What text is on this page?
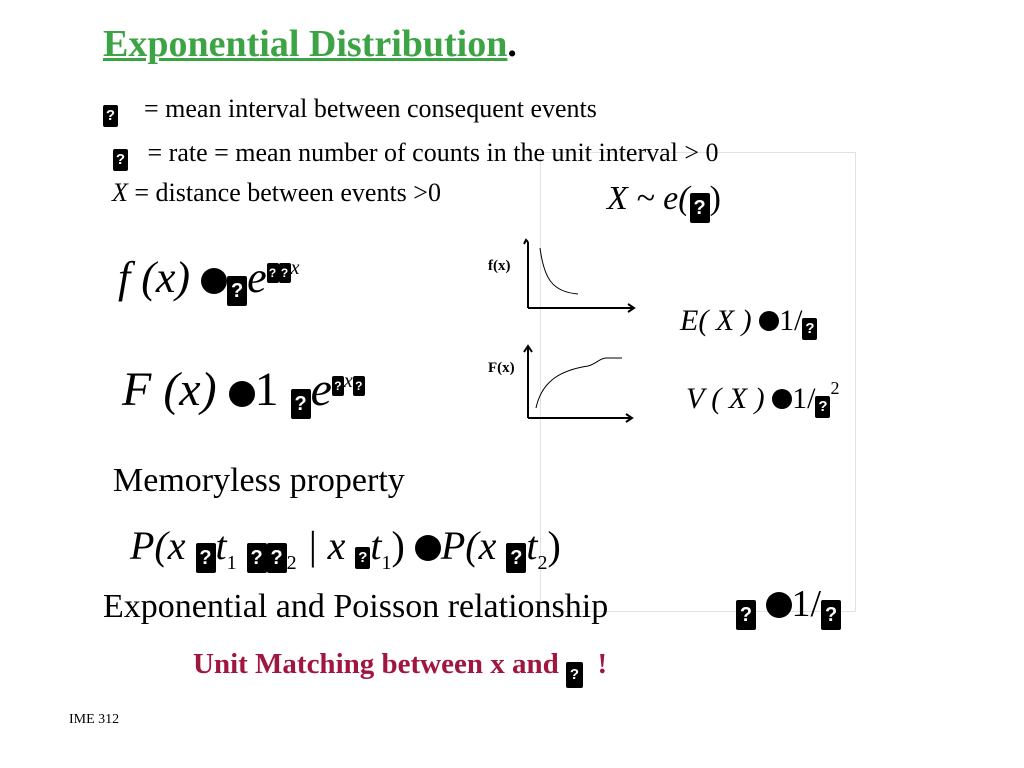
Exponential Distribution.
? = mean interval between consequent events
? = rate = mean number of counts in the unit interval > 0
X = distance between events >0	X ~ e( ? )
f (x) ?e $^{? ? x}$
F (x) 1 ?e $^{? x ?}$
f(x)
F(x)
E( X ) 1/ ?
V ( X ) 1/ ?$^2$
Memoryless property
P(x $?t_1$ ? ? $_2$ | x $?t_1$) P(x $?t_2$)
Exponential and Poisson relationship	? 1/ ?
Unit Matching between x and ? !
IME 312
